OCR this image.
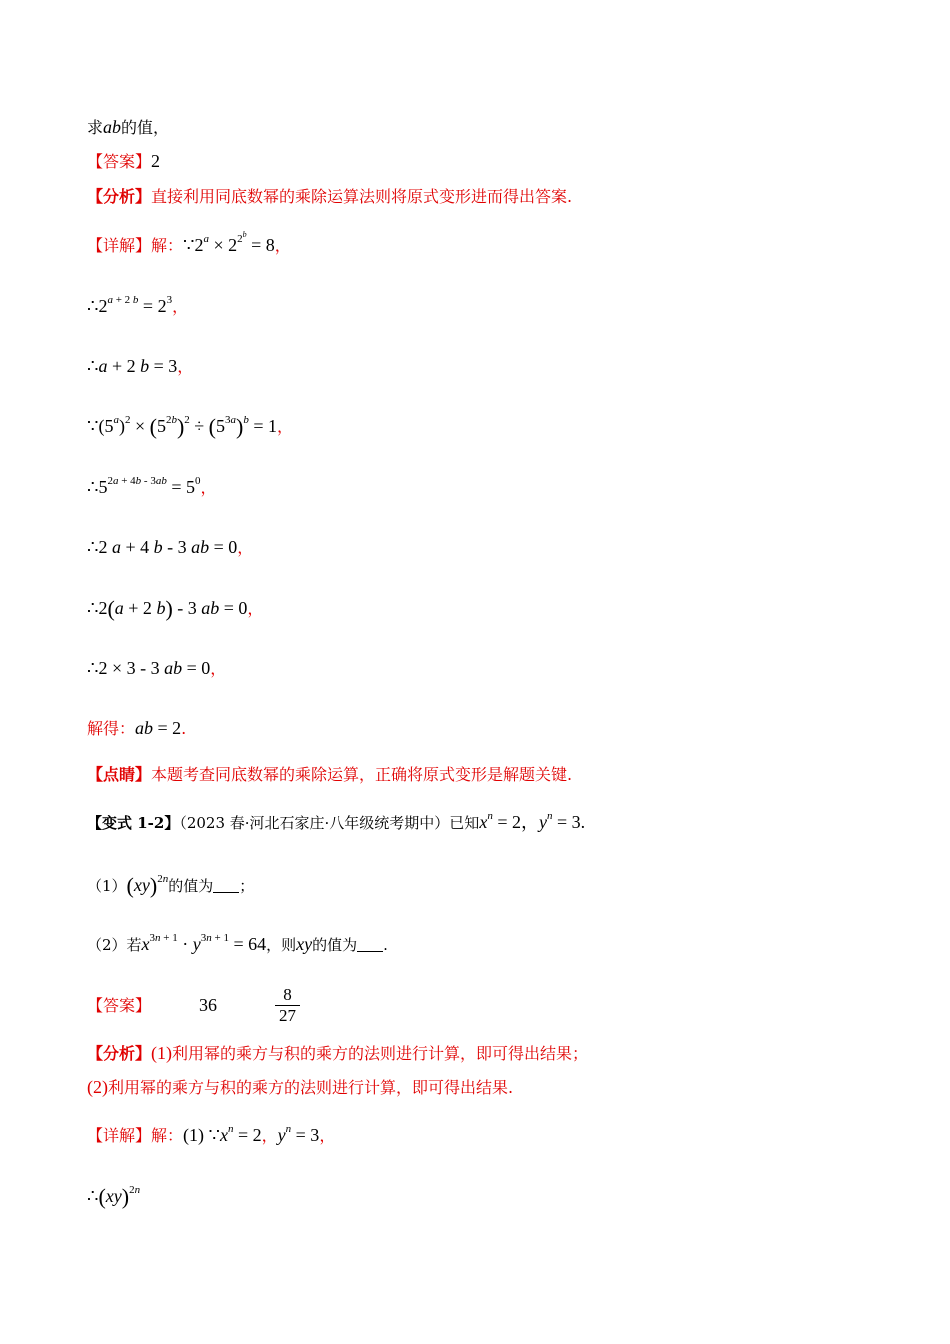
求ab的值，
【答案】2
【分析】直接利用同底数幂的乘除运算法则将原式变形进而得出答案.
【详解】解：$\because 2^a \times 2^{2^b} = 8$，
$\therefore 2^{a + 2 b} = 2^3$，
∴a + 2 b = 3，
$\because(5^a)^2 \times (5^{2b})^2 \div (5^{3a})^b = 1$，
$\therefore 5^{2a + 4b - 3ab} = 5^0$，
∴2 a + 4 b - 3 ab = 0，
∴2(a + 2 b) - 3 ab = 0，
∴2 × 3 - 3 ab = 0，
解得：ab = 2.
【点睛】本题考查同底数幂的乘除运算，正确将原式变形是解题关键.
【变式 1-2】（2023 春·河北石家庄·八年级统考期中）已知$x^n = 2$，$y^n = 3$.
（1）(xy)$^{2n}$的值为 ；
（2）若$x^{3n + 1} \cdot y^{3n + 1} = 64$，则xy的值为 .
【答案】	36	$\frac{8}{27}$
【分析】(1)利用幂的乘方与积的乘方的法则进行计算，即可得出结果；
(2)利用幂的乘方与积的乘方的法则进行计算，即可得出结果.
【详解】解：(1) $\because x^n = 2$，$y^n = 3$，
∴(xy)$^{2n}$
